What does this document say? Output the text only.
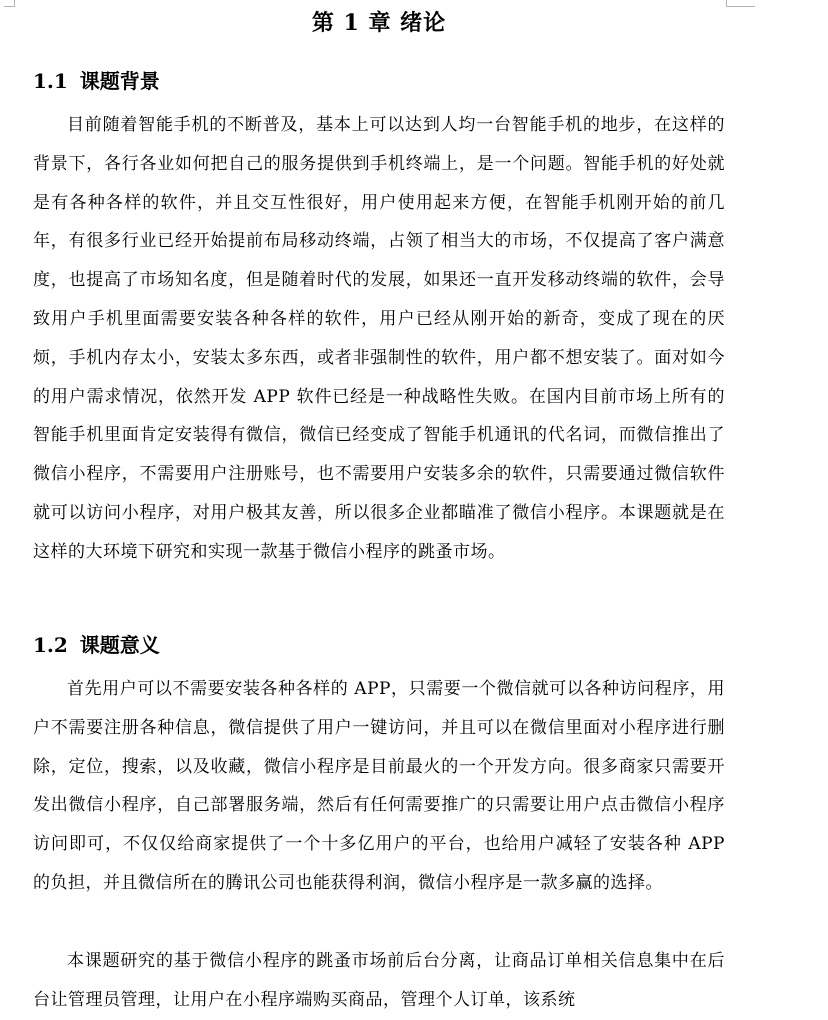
第 1 章 绪论
1.1 课题背景

目前随着智能手机的不断普及，基本上可以达到人均一台智能手机的地步，在这样的背景下，各行各业如何把自己的服务提供到手机终端上，是一个问题。智能手机的好处就是有各种各样的软件，并且交互性很好，用户使用起来方便，在智能手机刚开始的前几年，有很多行业已经开始提前布局移动终端，占领了相当大的市场，不仅提高了客户满意度，也提高了市场知名度，但是随着时代的发展，如果还一直开发移动终端的软件，会导致用户手机里面需要安装各种各样的软件，用户已经从刚开始的新奇，变成了现在的厌烦，手机内存太小，安装太多东西，或者非强制性的软件，用户都不想安装了。面对如今的用户需求情况，依然开发 APP 软件已经是一种战略性失败。在国内目前市场上所有的智能手机里面肯定安装得有微信，微信已经变成了智能手机通讯的代名词，而微信推出了微信小程序，不需要用户注册账号，也不需要用户安装多余的软件，只需要通过微信软件就可以访问小程序，对用户极其友善，所以很多企业都瞄准了微信小程序。本课题就是在这样的大环境下研究和实现一款基于微信小程序的跳蚤市场。

1.2 课题意义

首先用户可以不需要安装各种各样的 APP，只需要一个微信就可以各种访问程序，用户不需要注册各种信息，微信提供了用户一键访问，并且可以在微信里面对小程序进行删除，定位，搜索，以及收藏，微信小程序是目前最火的一个开发方向。很多商家只需要开发出微信小程序，自己部署服务端，然后有任何需要推广的只需要让用户点击微信小程序访问即可，不仅仅给商家提供了一个十多亿用户的平台，也给用户减轻了安装各种 APP 的负担，并且微信所在的腾讯公司也能获得利润，微信小程序是一款多赢的选择。

本课题研究的基于微信小程序的跳蚤市场前后台分离，让商品订单相关信息集中在后台让管理员管理，让用户在小程序端购买商品，管理个人订单，该系统
